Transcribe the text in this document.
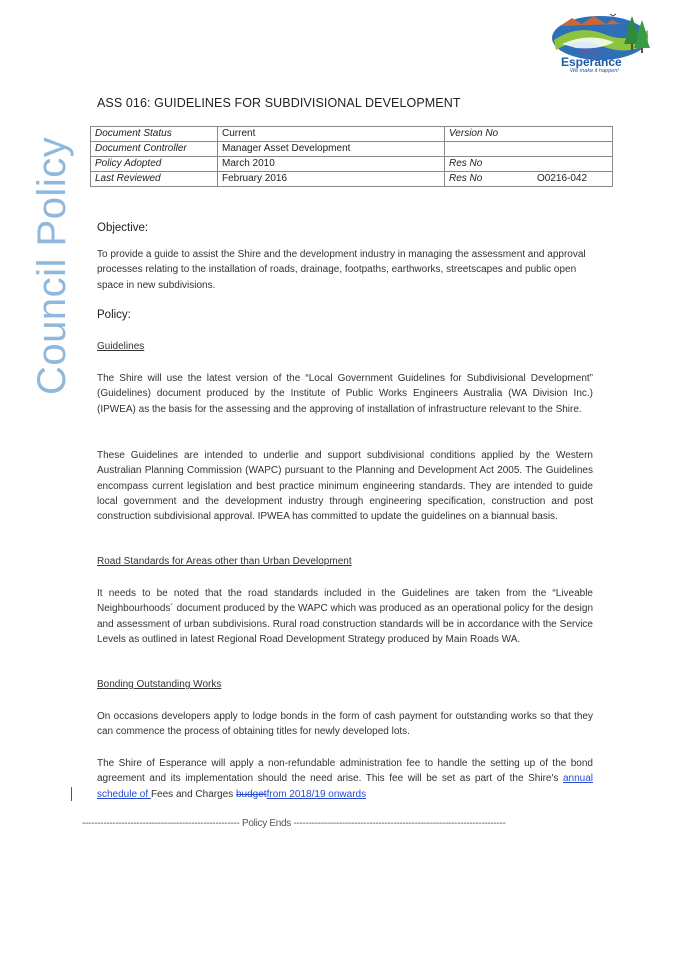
Shire of
Esperance
We make it happen!
Council Policy
ASS 016: GUIDELINES FOR SUBDIVISIONAL DEVELOPMENT
Document Status	Current	Version No	
Document Controller	Manager Asset Development		
Policy Adopted	March 2010	Res No	
Last Reviewed	February 2016	Res No	O0216-042
Objective:
To provide a guide to assist the Shire and the development industry in managing the assessment and approval processes relating to the installation of roads, drainage, footpaths, earthworks, streetscapes and public open space in new subdivisions.
Policy:
Guidelines
The Shire will use the latest version of the “Local Government Guidelines for Subdivisional Development” (Guidelines) document produced by the Institute of Public Works Engineers Australia (WA Division Inc.) (IPWEA) as the basis for the assessing and the approving of installation of infrastructure relevant to the Shire.
These Guidelines are intended to underlie and support subdivisional conditions applied by the Western Australian Planning Commission (WAPC) pursuant to the Planning and Development Act 2005. The Guidelines encompass current legislation and best practice minimum engineering standards. They are intended to guide local government and the development industry through engineering specification, construction and post construction subdivisional approval. IPWEA has committed to update the guidelines on a biannual basis.
Road Standards for Areas other than Urban Development
It needs to be noted that the road standards included in the Guidelines are taken from the “Liveable Neighbourhoods´ document produced by the WAPC which was produced as an operational policy for the design and assessment of urban subdivisions. Rural road construction standards will be in accordance with the Service Levels as outlined in latest Regional Road Development Strategy produced by Main Roads WA.
Bonding Outstanding Works
On occasions developers apply to lodge bonds in the form of cash payment for outstanding works so that they can commence the process of obtaining titles for newly developed lots.
The Shire of Esperance will apply a non-refundable administration fee to handle the setting up of the bond agreement and its implementation should the need arise. This fee will be set as part of the Shire's annual schedule of Fees and Charges budgetfrom 2018/19 onwards
---------------------------------------------------- Policy Ends ----------------------------------------------------------------------
